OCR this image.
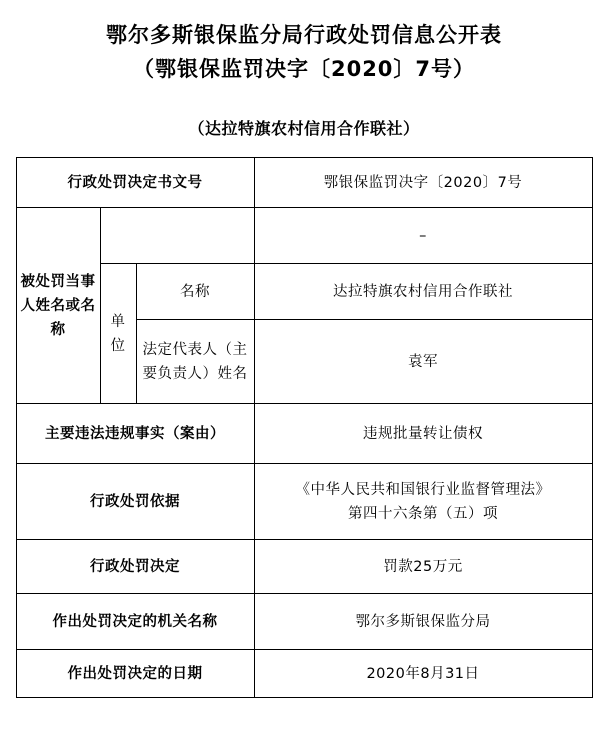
鄂尔多斯银保监分局行政处罚信息公开表
（鄂银保监罚决字〔2020〕7号）
（达拉特旗农村信用合作联社）
行政处罚决定书文号			鄂银保监罚决字〔2020〕7号
被处罚当事人姓名或名称			–
	单位	名称	达拉特旗农村信用合作联社
		法定代表人（主要负责人）姓名	袁军
主要违法违规事实（案由）			违规批量转让债权
行政处罚依据			《中华人民共和国银行业监督管理法》
第四十六条第（五）项

行政处罚决定			罚款25万元
作出处罚决定的机关名称			鄂尔多斯银保监分局
作出处罚决定的日期			2020年8月31日
